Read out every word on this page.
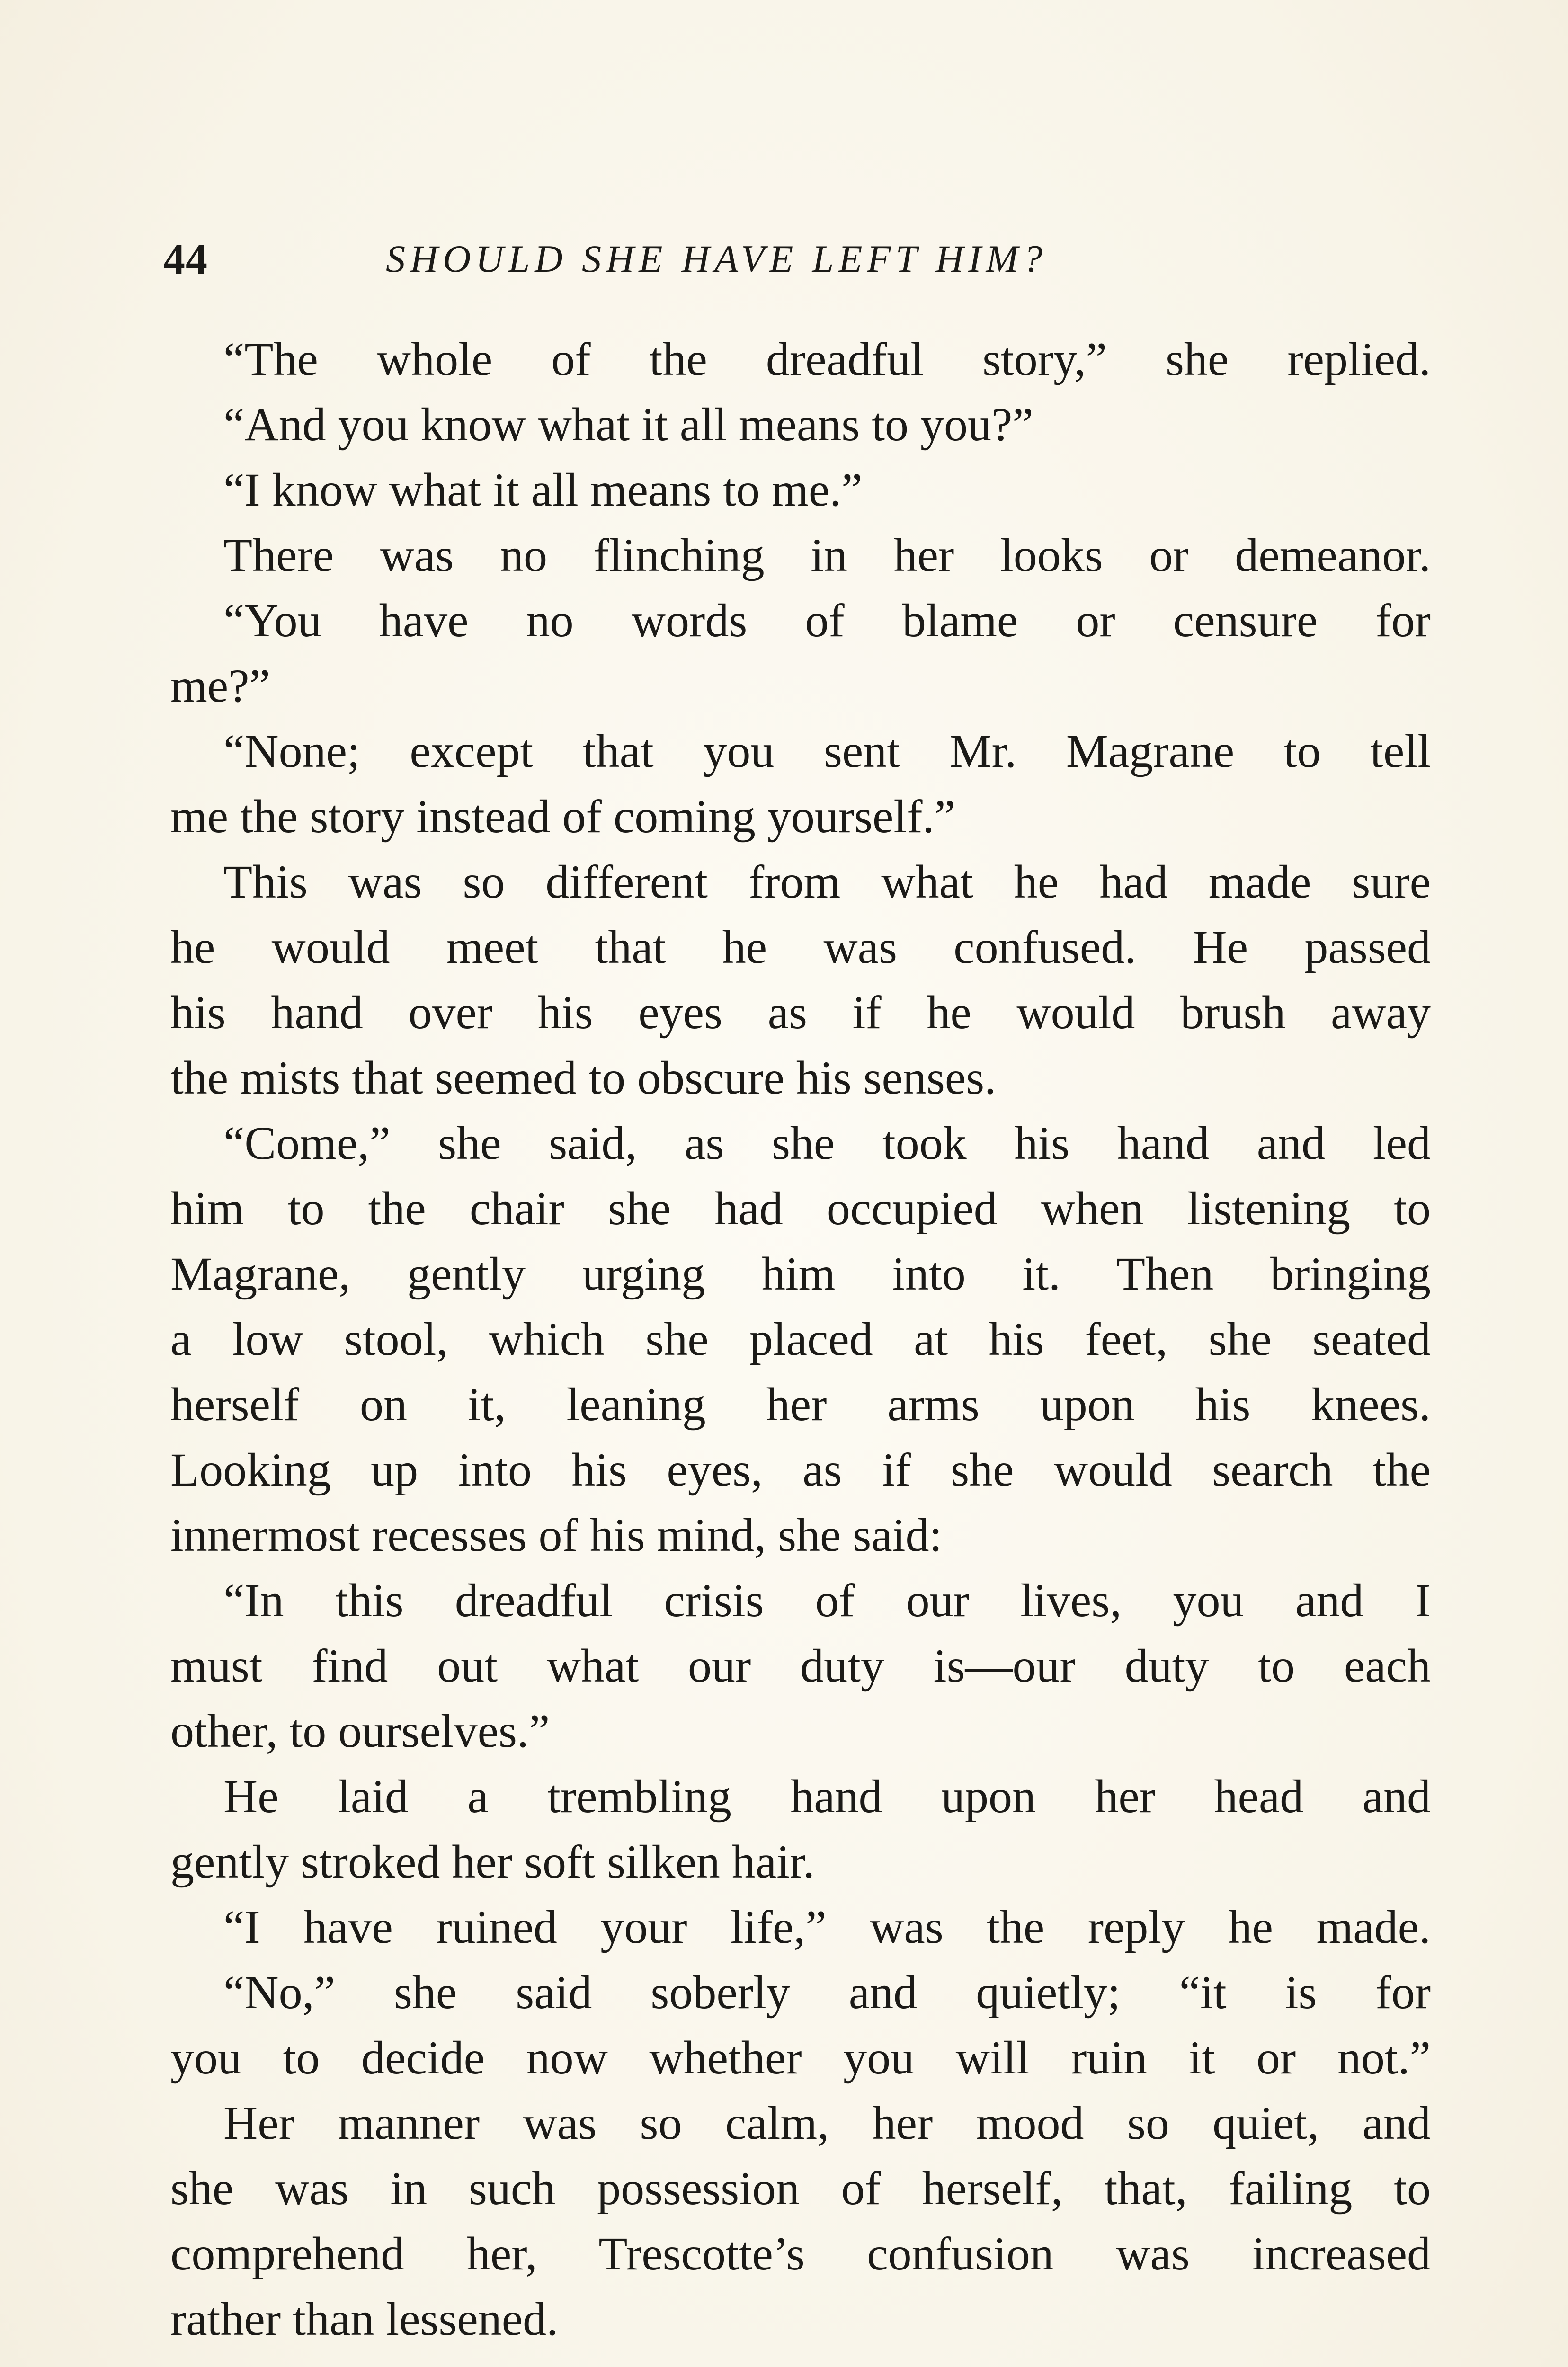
44	SHOULD SHE HAVE LEFT HIM?
“The whole of the dreadful story,” she replied.
“And you know what it all means to you?”
“I know what it all means to me.”
There was no flinching in her looks or demeanor.
“You have no words of blame or censure for
me?”
“None; except that you sent Mr. Magrane to tell
me the story instead of coming yourself.”
This was so different from what he had made sure
he would meet that he was confused. He passed
his hand over his eyes as if he would brush away
the mists that seemed to obscure his senses.
“Come,” she said, as she took his hand and led
him to the chair she had occupied when listening to
Magrane, gently urging him into it. Then bringing
a low stool, which she placed at his feet, she seated
herself on it, leaning her arms upon his knees.
Looking up into his eyes, as if she would search the
innermost recesses of his mind, she said:
“In this dreadful crisis of our lives, you and I
must find out what our duty is—our duty to each
other, to ourselves.”
He laid a trembling hand upon her head and
gently stroked her soft silken hair.
“I have ruined your life,” was the reply he made.
“No,” she said soberly and quietly; “it is for
you to decide now whether you will ruin it or not.”
Her manner was so calm, her mood so quiet, and
she was in such possession of herself, that, failing to
comprehend her, Trescotte’s confusion was increased
rather than lessened.
